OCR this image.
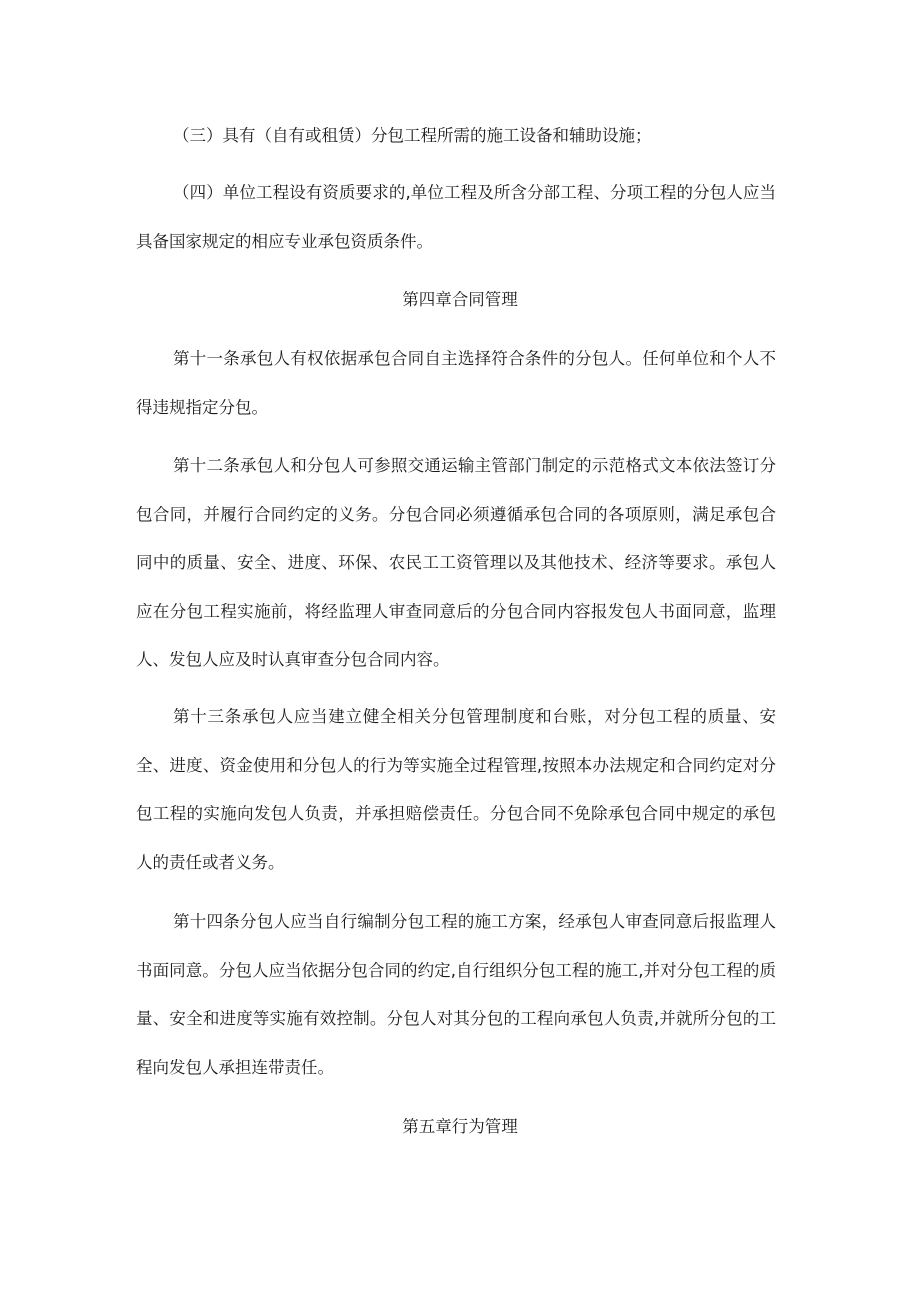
（三）具有（自有或租赁）分包工程所需的施工设备和辅助设施；

（四）单位工程设有资质要求的,单位工程及所含分部工程、分项工程的分包人应当具备国家规定的相应专业承包资质条件。

第四章合同管理

第十一条承包人有权依据承包合同自主选择符合条件的分包人。任何单位和个人不得违规指定分包。

第十二条承包人和分包人可参照交通运输主管部门制定的示范格式文本依法签订分包合同，并履行合同约定的义务。分包合同必须遵循承包合同的各项原则，满足承包合同中的质量、安全、进度、环保、农民工工资管理以及其他技术、经济等要求。承包人应在分包工程实施前，将经监理人审查同意后的分包合同内容报发包人书面同意，监理人、发包人应及时认真审查分包合同内容。

第十三条承包人应当建立健全相关分包管理制度和台账，对分包工程的质量、安全、进度、资金使用和分包人的行为等实施全过程管理,按照本办法规定和合同约定对分包工程的实施向发包人负责，并承担赔偿责任。分包合同不免除承包合同中规定的承包人的责任或者义务。

第十四条分包人应当自行编制分包工程的施工方案，经承包人审查同意后报监理人书面同意。分包人应当依据分包合同的约定,自行组织分包工程的施工,并对分包工程的质量、安全和进度等实施有效控制。分包人对其分包的工程向承包人负责,并就所分包的工程向发包人承担连带责任。

第五章行为管理
